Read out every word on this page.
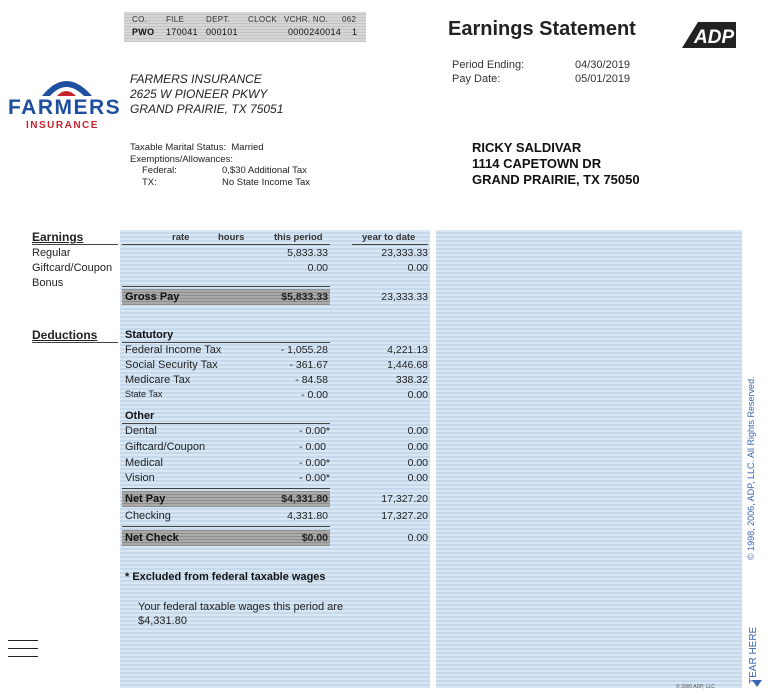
CO. FILE	DEPT. CLOCK VCHR. NO. 062
PWO 170041 000101	0000240014 1	Earnings Statement	ADP
Period Ending:	04/30/2019
Pay Date:	05/01/2019
FARMERS
INSURANCE
FARMERS INSURANCE
2625 W PIONEER PKWY
GRAND PRAIRIE, TX 75051
Taxable Marital Status: Married
Exemptions/Allowances:
Federal:	0,$30 Additional Tax
TX:	No State Income Tax
RICKY SALDIVAR
1114 CAPETOWN DR
GRAND PRAIRIE, TX 75050
Earnings	rate	hours	this period	year to date
Regular	5,833.33	23,333.33
Giftcard/Coupon	0.00	0.00
Bonus
Gross Pay	$5,833.33	23,333.33
Deductions	Statutory
Federal Income Tax	- 1,055.28	4,221.13
Social Security Tax	- 361.67	1,446.68
Medicare Tax	- 84.58	338.32
State Tax	- 0.00	0.00
Other
Dental	- 0.00*	0.00
Giftcard/Coupon	- 0.00	0.00
Medical	- 0.00*	0.00
Vision	- 0.00*	0.00
Net Pay	$4,331.80	17,327.20
Checking	4,331.80	17,327.20
Net Check	$0.00	0.00
* Excluded from federal taxable wages
Your federal taxable wages this period are
$4,331.80
© 1998, 2006, ADP, LLC. All Rights Reserved.
TEAR HERE
© 2000 ADP, LLC
